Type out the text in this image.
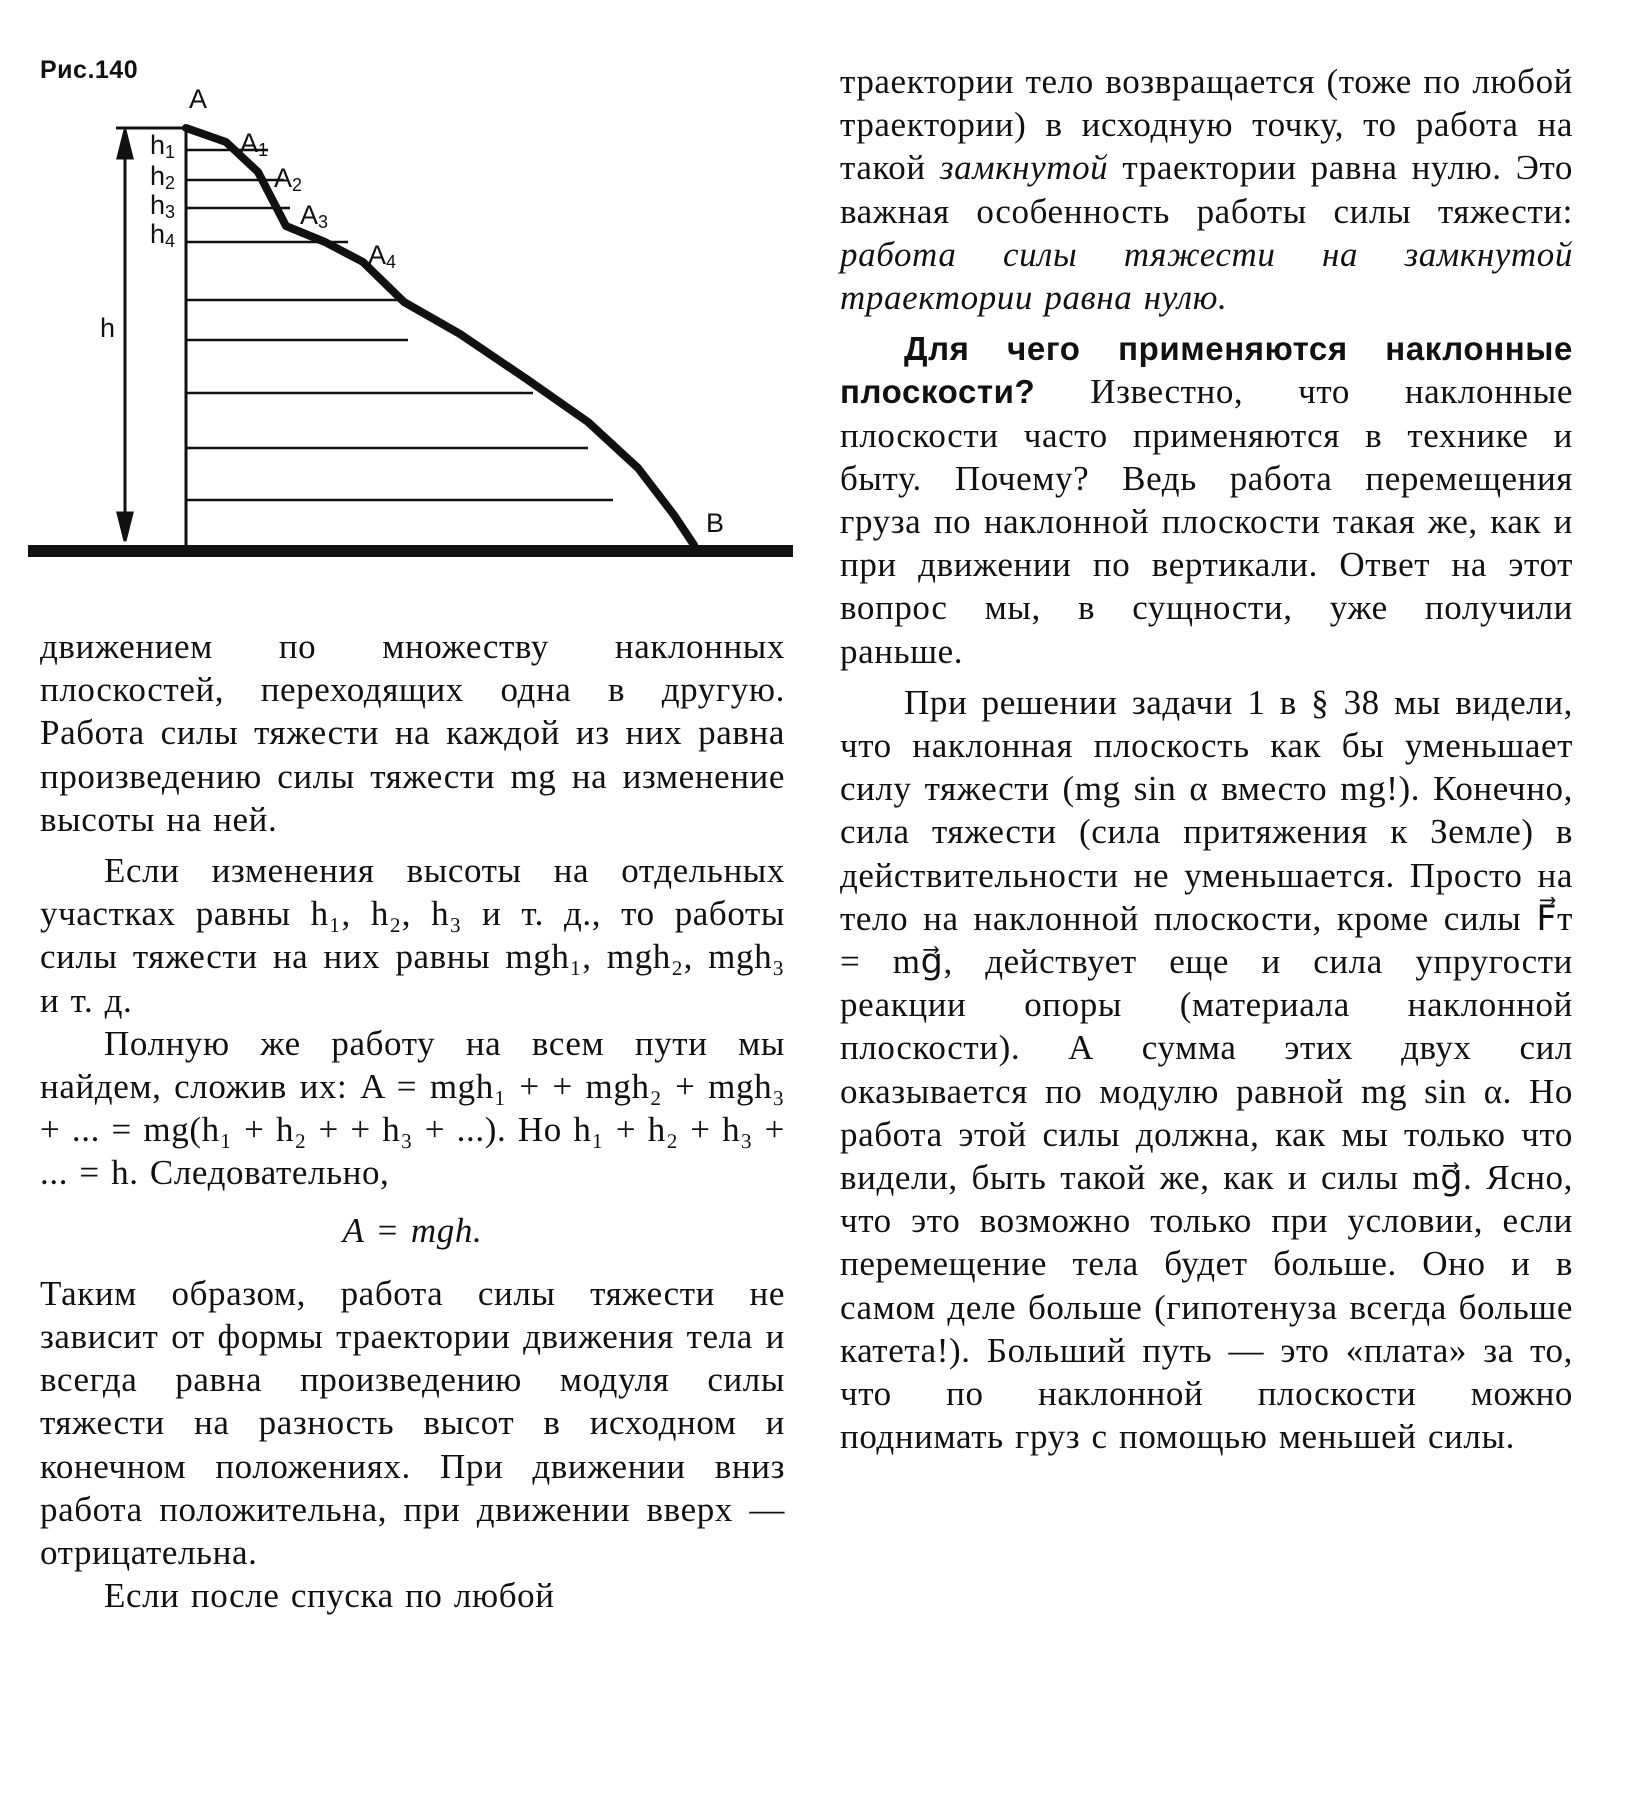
Рис.140
A
$A_1$
$A_2$
$A_3$
$A_4$
B
$h_1$
$h_2$
$h_3$
$h_4$
h

движением по множеству наклонных плоскостей, переходящих одна в другую. Работа силы тяжести на каждой из них равна произведению силы тяжести mg на изменение высоты на ней.

Если изменения высоты на отдельных участках равны h₁, h₂, h₃ и т. д., то работы силы тяжести на них равны mgh₁, mgh₂, mgh₃ и т. д.

Полную же работу на всем пути мы найдем, сложив их: A = mgh₁ + + mgh₂ + mgh₃ + ... = mg(h₁ + h₂ + + h₃ + ...). Но h₁ + h₂ + h₃ + ... = h. Следовательно,

A = mgh.

Таким образом, работа силы тяжести не зависит от формы траектории движения тела и всегда равна произведению модуля силы тяжести на разность высот в исходном и конечном положениях. При движении вниз работа положительна, при движении вверх — отрицательна.

Если после спуска по любой

траектории тело возвращается (тоже по любой траектории) в исходную точку, то работа на такой замкнутой траектории равна нулю. Это важная особенность работы силы тяжести: работа силы тяжести на замкнутой траектории равна нулю.

Для чего применяются наклонные плоскости? Известно, что наклонные плоскости часто применяются в технике и быту. Почему? Ведь работа перемещения груза по наклонной плоскости такая же, как и при движении по вертикали. Ответ на этот вопрос мы, в сущности, уже получили раньше.

При решении задачи 1 в § 38 мы видели, что наклонная плоскость как бы уменьшает силу тяжести (mg sin α вместо mg!). Конечно, сила тяжести (сила притяжения к Земле) в действительности не уменьшается. Просто на тело на наклонной плоскости, кроме силы F⃗т = mg⃗, действует еще и сила упругости реакции опоры (материала наклонной плоскости). А сумма этих двух сил оказывается по модулю равной mg sin α. Но работа этой силы должна, как мы только что видели, быть такой же, как и силы mg⃗. Ясно, что это возможно только при условии, если перемещение тела будет больше. Оно и в самом деле больше (гипотенуза всегда больше катета!). Больший путь — это «плата» за то, что по наклонной плоскости можно поднимать груз с помощью меньшей силы.
